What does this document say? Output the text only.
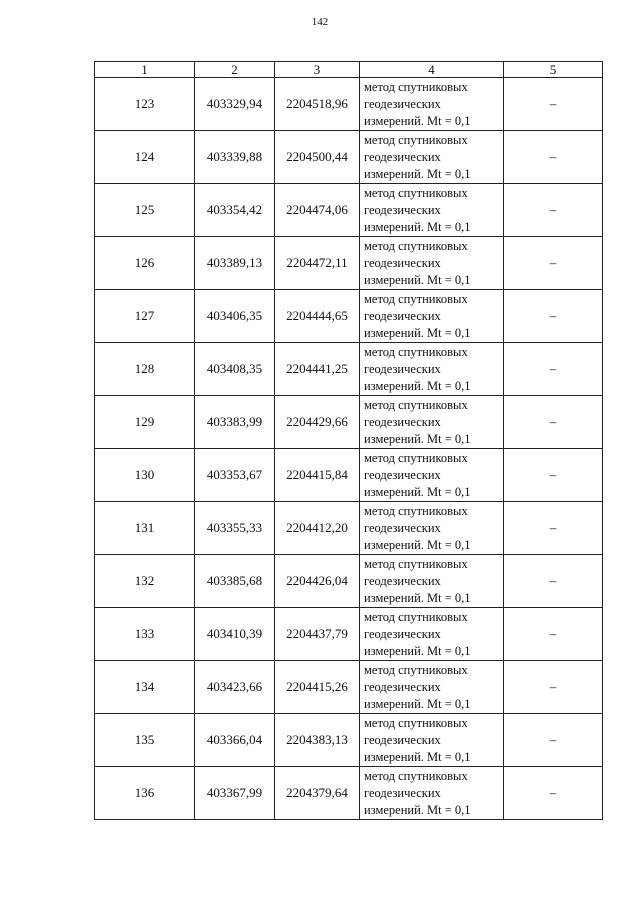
142
1	2	3	4	5
123	403329,94	2204518,96	метод спутниковых
геодезических
измерений. Mt = 0,1	–
124	403339,88	2204500,44	метод спутниковых
геодезических
измерений. Mt = 0,1	–
125	403354,42	2204474,06	метод спутниковых
геодезических
измерений. Mt = 0,1	–
126	403389,13	2204472,11	метод спутниковых
геодезических
измерений. Mt = 0,1	–
127	403406,35	2204444,65	метод спутниковых
геодезических
измерений. Mt = 0,1	–
128	403408,35	2204441,25	метод спутниковых
геодезических
измерений. Mt = 0,1	–
129	403383,99	2204429,66	метод спутниковых
геодезических
измерений. Mt = 0,1	–
130	403353,67	2204415,84	метод спутниковых
геодезических
измерений. Mt = 0,1	–
131	403355,33	2204412,20	метод спутниковых
геодезических
измерений. Mt = 0,1	–
132	403385,68	2204426,04	метод спутниковых
геодезических
измерений. Mt = 0,1	–
133	403410,39	2204437,79	метод спутниковых
геодезических
измерений. Mt = 0,1	–
134	403423,66	2204415,26	метод спутниковых
геодезических
измерений. Mt = 0,1	–
135	403366,04	2204383,13	метод спутниковых
геодезических
измерений. Mt = 0,1	–
136	403367,99	2204379,64	метод спутниковых
геодезических
измерений. Mt = 0,1	–
